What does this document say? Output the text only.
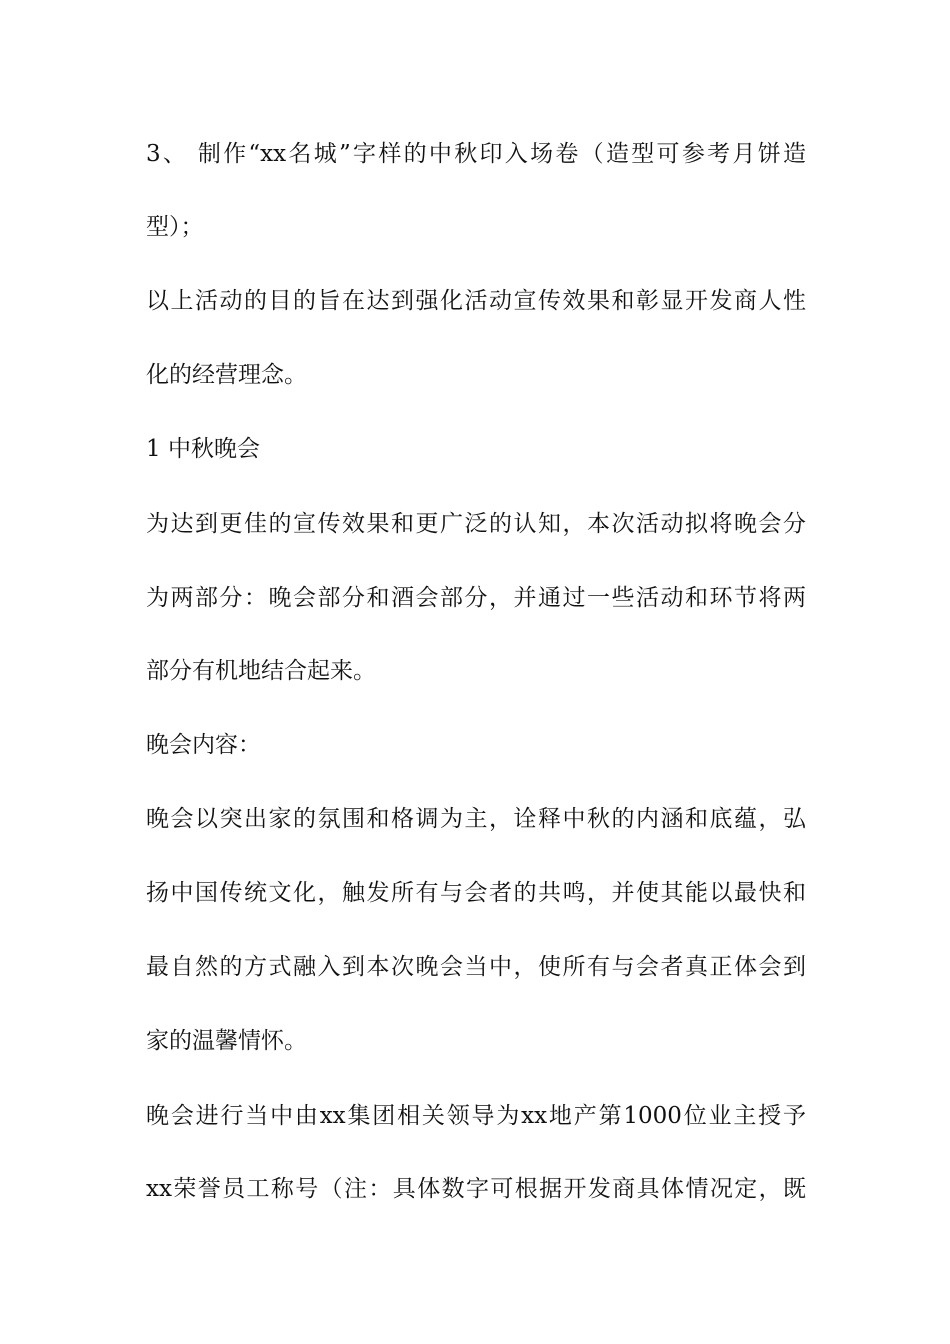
3、 制作“xx名城”字样的中秋印入场卷（造型可参考月饼造
型）；
以上活动的目的旨在达到强化活动宣传效果和彰显开发商人性
化的经营理念。
1 中秋晚会
为达到更佳的宣传效果和更广泛的认知，本次活动拟将晚会分
为两部分：晚会部分和酒会部分，并通过一些活动和环节将两
部分有机地结合起来。
晚会内容：
晚会以突出家的氛围和格调为主，诠释中秋的内涵和底蕴，弘
扬中国传统文化，触发所有与会者的共鸣，并使其能以最快和
最自然的方式融入到本次晚会当中，使所有与会者真正体会到
家的温馨情怀。
晚会进行当中由xx集团相关领导为xx地产第1000位业主授予
xx荣誉员工称号（注：具体数字可根据开发商具体情况定，既
